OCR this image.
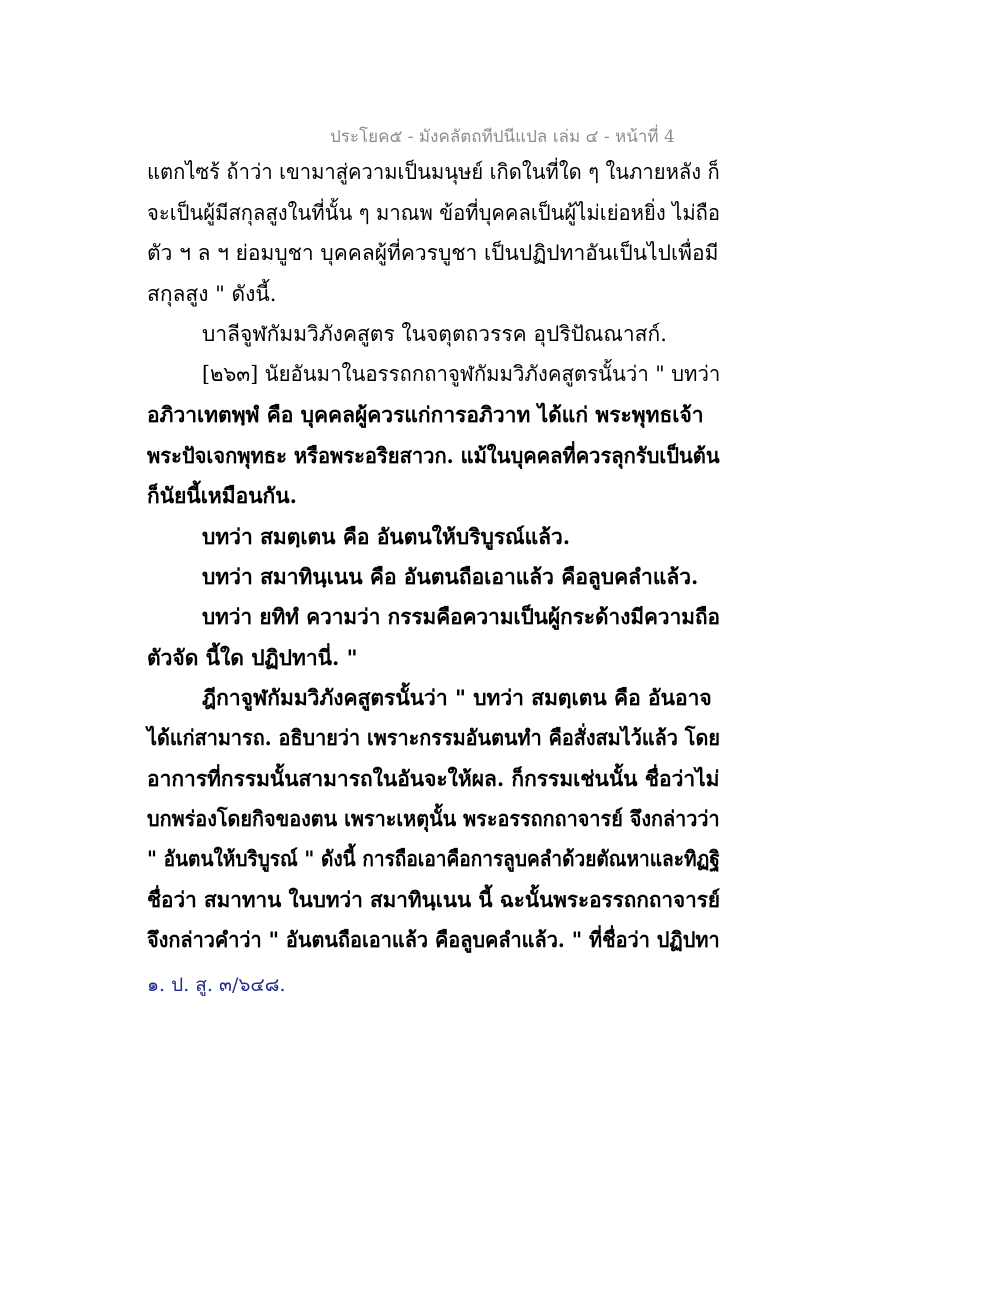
ประโยค๕ - มังคลัตถทีปนีแปล เล่ม ๔ - หน้าที่ 4
แตกไซร้ ถ้าว่า เขามาสู่ความเป็นมนุษย์ เกิดในที่ใด ๆ ในภายหลัง ก็
จะเป็นผู้มีสกุลสูงในที่นั้น ๆ มาณพ ข้อที่บุคคลเป็นผู้ไม่เย่อหยิ่ง ไม่ถือ
ตัว ฯ ล ฯ ย่อมบูชา บุคคลผู้ที่ควรบูชา เป็นปฏิปทาอันเป็นไปเพื่อมี
สกุลสูง " ดังนี้.
บาลีจูฬกัมมวิภังคสูตร ในจตุตถวรรค อุปริปัณณาสก์.
[๒๖๓] นัยอันมาในอรรถกถาจูฬกัมมวิภังคสูตรนั้นว่า " บทว่า
อภิวาเทตพฺพํ คือ บุคคลผู้ควรแก่การอภิวาท ได้แก่ พระพุทธเจ้า
พระปัจเจกพุทธะ หรือพระอริยสาวก. แม้ในบุคคลที่ควรลุกรับเป็นต้น
ก็นัยนี้เหมือนกัน.
บทว่า สมตฺเตน คือ อันตนให้บริบูรณ์แล้ว.
บทว่า สมาทินฺเนน คือ อันตนถือเอาแล้ว คือลูบคลำแล้ว.
บทว่า ยทิทํ ความว่า กรรมคือความเป็นผู้กระด้างมีความถือ
ตัวจัด นี้ใด ปฏิปทานี่. "
ฎีกาจูฬกัมมวิภังคสูตรนั้นว่า " บทว่า สมตฺเตน คือ อันอาจ
ได้แก่สามารถ. อธิบายว่า เพราะกรรมอันตนทำ คือสั่งสมไว้แล้ว โดย
อาการที่กรรมนั้นสามารถในอันจะให้ผล. ก็กรรมเช่นนั้น ชื่อว่าไม่
บกพร่องโดยกิจของตน เพราะเหตุนั้น พระอรรถกถาจารย์ จึงกล่าวว่า
" อันตนให้บริบูรณ์ " ดังนี้ การถือเอาคือการลูบคลำด้วยตัณหาและทิฏฐิ
ชื่อว่า สมาทาน ในบทว่า สมาทินฺเนน นี้ ฉะนั้นพระอรรถกถาจารย์
จึงกล่าวคำว่า " อันตนถือเอาแล้ว คือลูบคลำแล้ว. " ที่ชื่อว่า ปฏิปทา
๑. ป. สู. ๓/๖๔๘.
